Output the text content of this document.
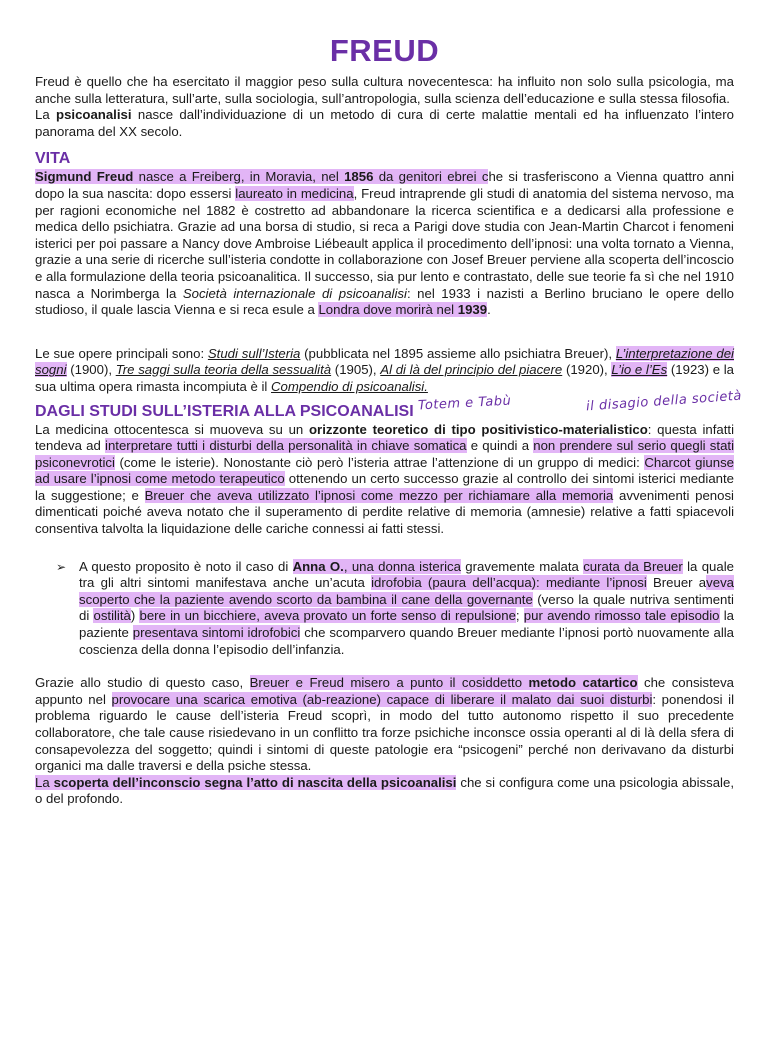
FREUD

Freud è quello che ha esercitato il maggior peso sulla cultura novecentesca: ha influito non solo sulla psicologia, ma anche sulla letteratura, sull’arte, sulla sociologia, sull’antropologia, sulla scienza dell’educazione e sulla stessa filosofia.

La psicoanalisi nasce dall’individuazione di un metodo di cura di certe malattie mentali ed ha influenzato l’intero panorama del XX secolo.

VITA

Sigmund Freud nasce a Freiberg, in Moravia, nel 1856 da genitori ebrei che si trasferiscono a Vienna quattro anni dopo la sua nascita: dopo essersi laureato in medicina, Freud intraprende gli studi di anatomia del sistema nervoso, ma per ragioni economiche nel 1882 è costretto ad abbandonare la ricerca scientifica e a dedicarsi alla professione e medica dello psichiatra. Grazie ad una borsa di studio, si reca a Parigi dove studia con Jean-Martin Charcot i fenomeni isterici per poi passare a Nancy dove Ambroise Liébeault applica il procedimento dell’ipnosi: una volta tornato a Vienna, grazie a una serie di ricerche sull’isteria condotte in collaborazione con Josef Breuer perviene alla scoperta dell’incoscio e alla formulazione della teoria psicoanalitica. Il successo, sia pur lento e contrastato, delle sue teorie fa sì che nel 1910 nasca a Norimberga la Società internazionale di psicoanalisi: nel 1933 i nazisti a Berlino bruciano le opere dello studioso, il quale lascia Vienna e si reca esule a Londra dove morirà nel 1939.

Le sue opere principali sono: Studi sull’Isteria (pubblicata nel 1895 assieme allo psichiatra Breuer), L’interpretazione dei sogni (1900), Tre saggi sulla teoria della sessualità (1905), Al di là del principio del piacere (1920), L’io e l’Es (1923) e la sua ultima opera rimasta incompiuta è il Compendio di psicoanalisi.

DAGLI STUDI SULL’ISTERIA ALLA PSICOANALISI

La medicina ottocentesca si muoveva su un orizzonte teoretico di tipo positivistico-materialistico: questa infatti tendeva ad interpretare tutti i disturbi della personalità in chiave somatica e quindi a non prendere sul serio quegli stati psiconevrotici (come le isterie). Nonostante ciò però l’isteria attrae l’attenzione di un gruppo di medici: Charcot giunse ad usare l’ipnosi come metodo terapeutico ottenendo un certo successo grazie al controllo dei sintomi isterici mediante la suggestione; e Breuer che aveva utilizzato l’ipnosi come mezzo per richiamare alla memoria avvenimenti penosi dimenticati poiché aveva notato che il superamento di perdite relative di memoria (amnesie) relative a fatti spiacevoli consentiva talvolta la liquidazione delle cariche connessi ai fatti stessi.

➢ A questo proposito è noto il caso di Anna O., una donna isterica gravemente malata curata da Breuer la quale tra gli altri sintomi manifestava anche un’acuta idrofobia (paura dell’acqua): mediante l’ipnosi Breuer aveva scoperto che la paziente avendo scorto da bambina il cane della governante (verso la quale nutriva sentimenti di ostilità) bere in un bicchiere, aveva provato un forte senso di repulsione; pur avendo rimosso tale episodio la paziente presentava sintomi idrofobici che scomparvero quando Breuer mediante l’ipnosi portò nuovamente alla coscienza della donna l’episodio dell’infanzia.

Grazie allo studio di questo caso, Breuer e Freud misero a punto il cosiddetto metodo catartico che consisteva appunto nel provocare una scarica emotiva (ab-reazione) capace di liberare il malato dai suoi disturbi: ponendosi il problema riguardo le cause dell’isteria Freud scoprì, in modo del tutto autonomo rispetto il suo precedente collaboratore, che tale cause risiedevano in un conflitto tra forze psichiche inconsce ossia operanti al di là della sfera di consapevolezza del soggetto; quindi i sintomi di queste patologie era “psicogeni” perché non derivavano da disturbi organici ma dalle traversi e della psiche stessa.

La scoperta dell’inconscio segna l’atto di nascita della psicoanalisi che si configura come una psicologia abissale, o del profondo.

Totem e Tabù	il disagio della società
